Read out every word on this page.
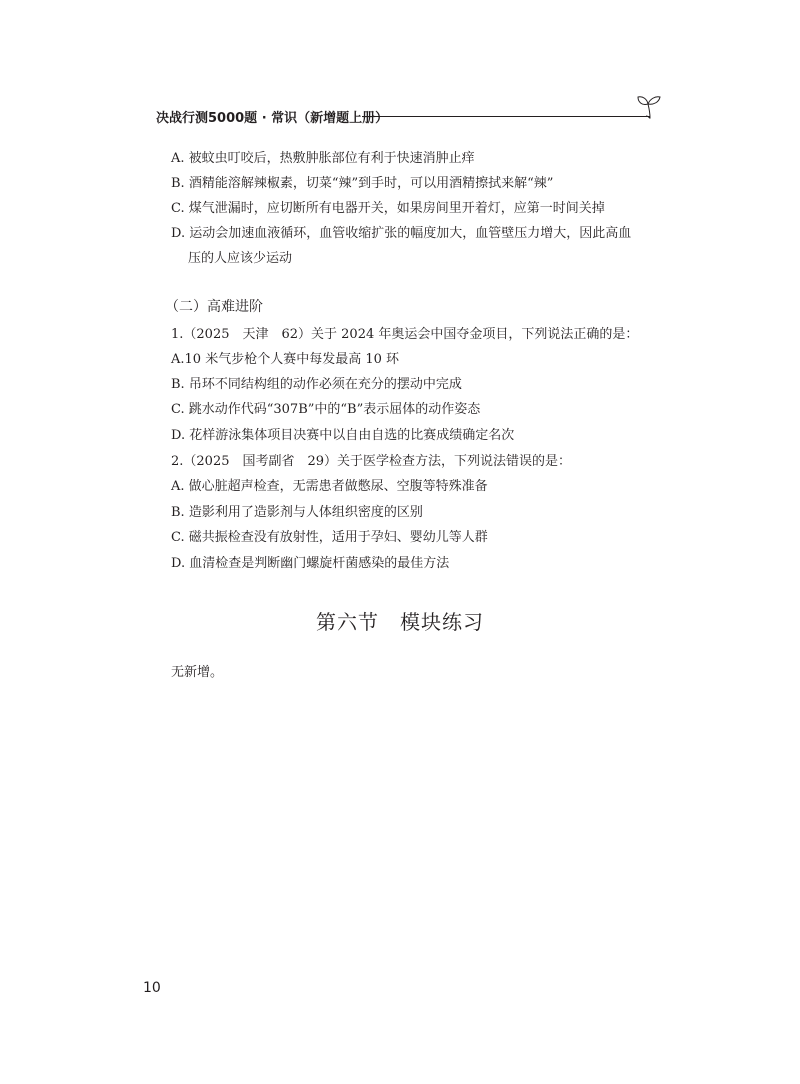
决战行测5000题 · 常识（新增题上册）
A. 被蚊虫叮咬后，热敷肿胀部位有利于快速消肿止痒
B. 酒精能溶解辣椒素，切菜“辣”到手时，可以用酒精擦拭来解“辣”
C. 煤气泄漏时，应切断所有电器开关，如果房间里开着灯，应第一时间关掉
D. 运动会加速血液循环，血管收缩扩张的幅度加大，血管壁压力增大，因此高血
压的人应该少运动
（二）高难进阶
1.（2025　天津　62）关于 2024 年奥运会中国夺金项目，下列说法正确的是：
A.10 米气步枪个人赛中每发最高 10 环
B. 吊环不同结构组的动作必须在充分的摆动中完成
C. 跳水动作代码“307B”中的“B”表示屈体的动作姿态
D. 花样游泳集体项目决赛中以自由自选的比赛成绩确定名次
2.（2025　国考副省　29）关于医学检查方法，下列说法错误的是：
A. 做心脏超声检查，无需患者做憋尿、空腹等特殊准备
B. 造影利用了造影剂与人体组织密度的区别
C. 磁共振检查没有放射性，适用于孕妇、婴幼儿等人群
D. 血清检查是判断幽门螺旋杆菌感染的最佳方法
第六节　模块练习
无新增。
10
